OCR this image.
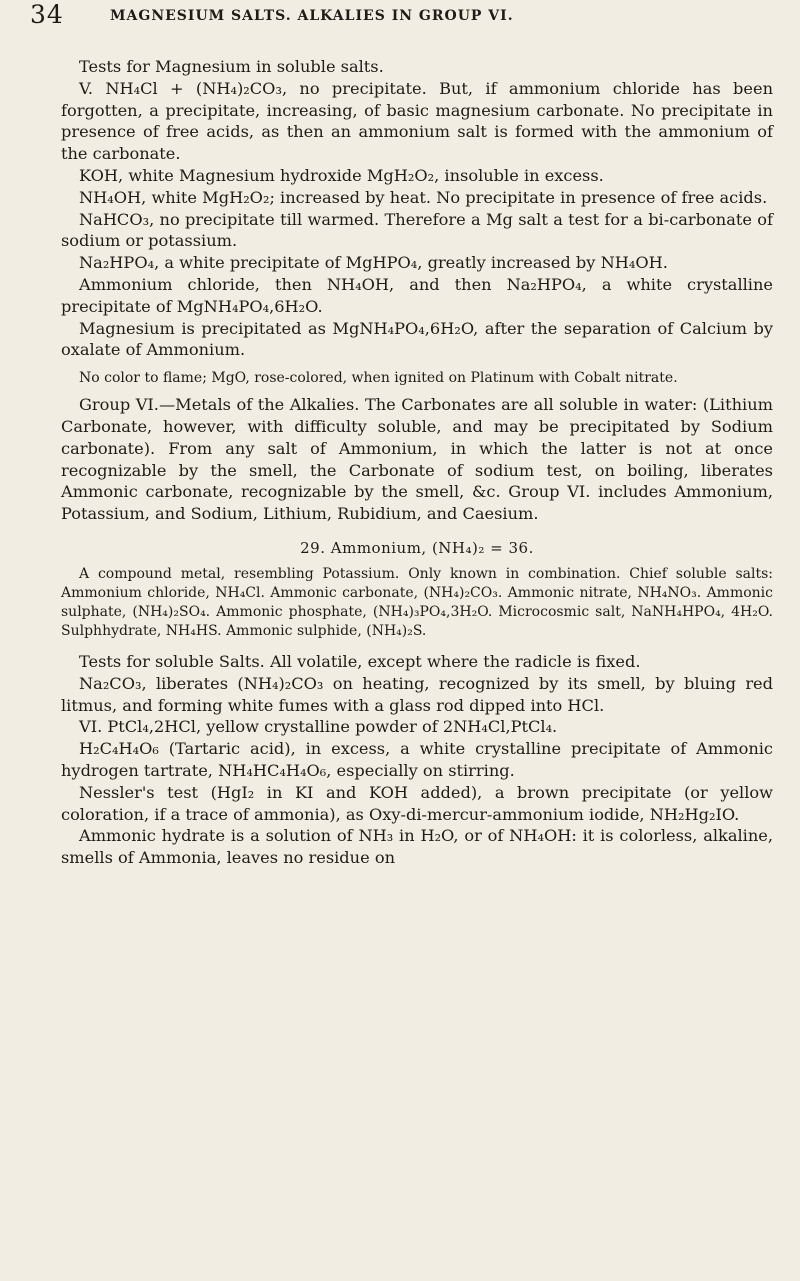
34	MAGNESIUM SALTS. ALKALIES IN GROUP VI.

Tests for Magnesium in soluble salts.

V. NH₄Cl + (NH₄)₂CO₃, no precipitate. But, if ammonium chloride has been forgotten, a precipitate, increasing, of basic magnesium carbonate. No precipitate in presence of free acids, as then an ammonium salt is formed with the ammonium of the carbonate.

KOH, white Magnesium hydroxide MgH₂O₂, insoluble in excess.

NH₄OH, white MgH₂O₂; increased by heat. No precipitate in presence of free acids.

NaHCO₃, no precipitate till warmed. Therefore a Mg salt a test for a bi-carbonate of sodium or potassium.

Na₂HPO₄, a white precipitate of MgHPO₄, greatly increased by NH₄OH.

Ammonium chloride, then NH₄OH, and then Na₂HPO₄, a white crystalline precipitate of MgNH₄PO₄,6H₂O.

Magnesium is precipitated as MgNH₄PO₄,6H₂O, after the separation of Calcium by oxalate of Ammonium.

No color to flame; MgO, rose-colored, when ignited on Platinum with Cobalt nitrate.

Group VI.—Metals of the Alkalies. The Carbonates are all soluble in water: (Lithium Carbonate, however, with difficulty soluble, and may be precipitated by Sodium carbonate). From any salt of Ammonium, in which the latter is not at once recognizable by the smell, the Carbonate of sodium test, on boiling, liberates Ammonic carbonate, recognizable by the smell, &c. Group VI. includes Ammonium, Potassium, and Sodium, Lithium, Rubidium, and Caesium.

29. Ammonium, (NH₄)₂ = 36.

A compound metal, resembling Potassium. Only known in combination. Chief soluble salts: Ammonium chloride, NH₄Cl. Ammonic carbonate, (NH₄)₂CO₃. Ammonic nitrate, NH₄NO₃. Ammonic sulphate, (NH₄)₂SO₄. Ammonic phosphate, (NH₄)₃PO₄,3H₂O. Microcosmic salt, NaNH₄HPO₄, 4H₂O. Sulphhydrate, NH₄HS. Ammonic sulphide, (NH₄)₂S.

Tests for soluble Salts. All volatile, except where the radicle is fixed.

Na₂CO₃, liberates (NH₄)₂CO₃ on heating, recognized by its smell, by bluing red litmus, and forming white fumes with a glass rod dipped into HCl.

VI. PtCl₄,2HCl, yellow crystalline powder of 2NH₄Cl,PtCl₄.

H₂C₄H₄O₆ (Tartaric acid), in excess, a white crystalline precipitate of Ammonic hydrogen tartrate, NH₄HC₄H₄O₆, especially on stirring.

Nessler's test (HgI₂ in KI and KOH added), a brown precipitate (or yellow coloration, if a trace of ammonia), as Oxy-di-mercur-ammonium iodide, NH₂Hg₂IO.

Ammonic hydrate is a solution of NH₃ in H₂O, or of NH₄OH: it is colorless, alkaline, smells of Ammonia, leaves no residue on
